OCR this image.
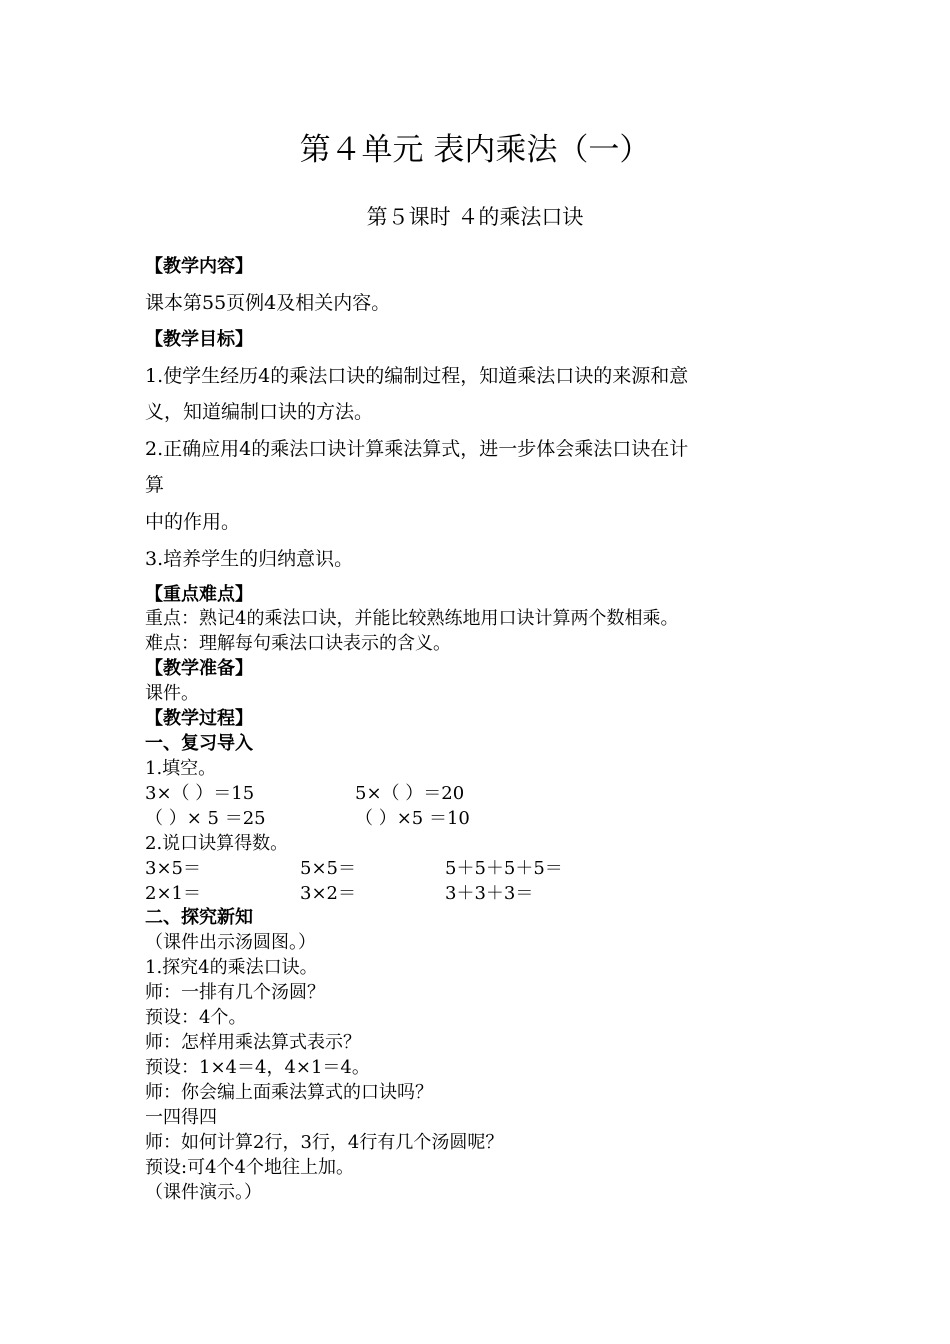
第４单元 表内乘法（一）
第５课时 ４的乘法口诀
【教学内容】
课本第55页例4及相关内容。
【教学目标】
1.使学生经历4的乘法口诀的编制过程，知道乘法口诀的来源和意
义，知道编制口诀的方法。
2.正确应用4的乘法口诀计算乘法算式，进一步体会乘法口诀在计
算
中的作用。
3.培养学生的归纳意识。
【重点难点】
重点：熟记4的乘法口诀，并能比较熟练地用口诀计算两个数相乘。
难点：理解每句乘法口诀表示的含义。
【教学准备】
课件。
【教学过程】
一、复习导入
1.填空。
3×（ ）＝15	5×（ ）＝20
（ ）× 5 ＝25	（ ）×5 ＝10
2.说口诀算得数。
3×5＝	5×5＝	5＋5＋5＋5＝
2×1＝	3×2＝	3＋3＋3＝
二、探究新知
（课件出示汤圆图。）
1.探究4的乘法口诀。
师：一排有几个汤圆？
预设：4个。
师：怎样用乘法算式表示？
预设：1×4＝4，4×1＝4。
师：你会编上面乘法算式的口诀吗？
一四得四
师：如何计算2行，3行，4行有几个汤圆呢？
预设:可4个4个地往上加。
（课件演示。）
